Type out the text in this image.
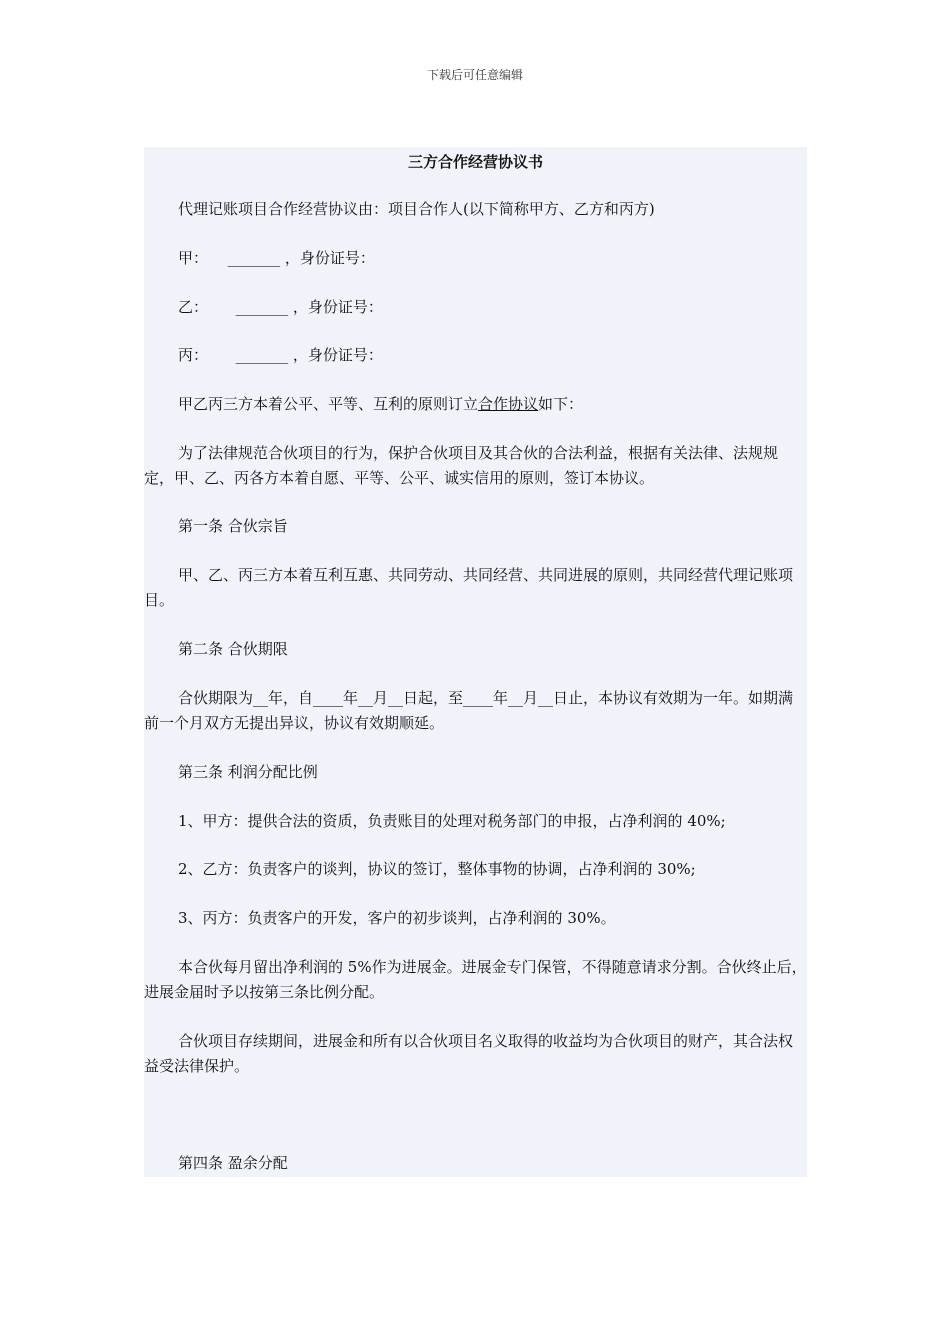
下载后可任意编辑
三方合作经营协议书
代理记账项目合作经营协议由：项目合作人(以下简称甲方、乙方和丙方)
甲： _______ ，身份证号：
乙： _______ ，身份证号：
丙： _______ ，身份证号：
甲乙丙三方本着公平、平等、互利的原则订立合作协议如下：
为了法律规范合伙项目的行为，保护合伙项目及其合伙的合法利益，根据有关法律、法规规定，甲、乙、丙各方本着自愿、平等、公平、诚实信用的原则，签订本协议。
第一条 合伙宗旨
甲、乙、丙三方本着互利互惠、共同劳动、共同经营、共同进展的原则，共同经营代理记账项目。
第二条 合伙期限
合伙期限为__年，自____年__月__日起，至____年__月__日止，本协议有效期为一年。如期满前一个月双方无提出异议，协议有效期顺延。
第三条 利润分配比例
1、甲方：提供合法的资质，负责账目的处理对税务部门的申报，占净利润的 40%;
2、乙方：负责客户的谈判，协议的签订，整体事物的协调，占净利润的 30%;
3、丙方：负责客户的开发，客户的初步谈判，占净利润的 30%。
本合伙每月留出净利润的 5%作为进展金。进展金专门保管，不得随意请求分割。合伙终止后，进展金届时予以按第三条比例分配。
合伙项目存续期间，进展金和所有以合伙项目名义取得的收益均为合伙项目的财产，其合法权益受法律保护。
第四条 盈余分配
